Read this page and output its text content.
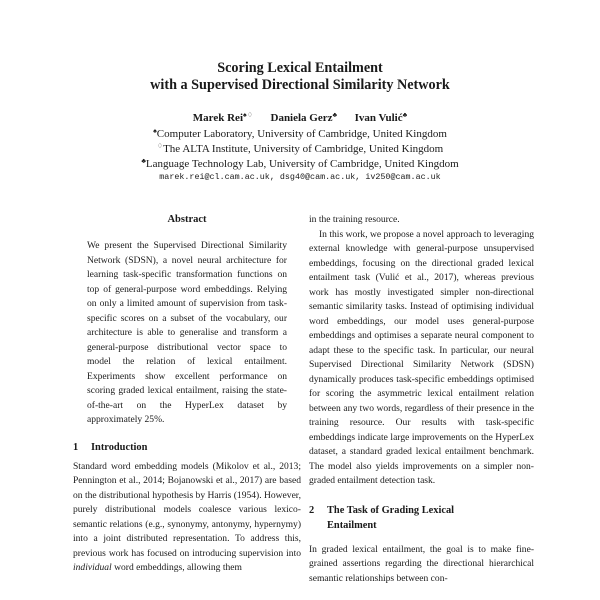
Scoring Lexical Entailment
with a Supervised Directional Similarity Network
Marek Rei♠♢ Daniela Gerz♣ Ivan Vulić♣
♠Computer Laboratory, University of Cambridge, United Kingdom
♢The ALTA Institute, University of Cambridge, United Kingdom
♣Language Technology Lab, University of Cambridge, United Kingdom
marek.rei@cl.cam.ac.uk, dsg40@cam.ac.uk, iv250@cam.ac.uk
Abstract

We present the Supervised Directional Similarity Network (SDSN), a novel neural architecture for learning task-specific transformation functions on top of general-purpose word embeddings. Relying on only a limited amount of supervision from task-specific scores on a subset of the vocabulary, our architecture is able to generalise and transform a general-purpose distributional vector space to model the relation of lexical entailment. Experiments show excellent performance on scoring graded lexical entailment, raising the state-of-the-art on the HyperLex dataset by approximately 25%.

1 Introduction

Standard word embedding models (Mikolov et al., 2013; Pennington et al., 2014; Bojanowski et al., 2017) are based on the distributional hypothesis by Harris (1954). However, purely distributional models coalesce various lexico-semantic relations (e.g., synonymy, antonymy, hypernymy) into a joint distributed representation. To address this, previous work has focused on introducing supervision into individual word embeddings, allowing them

in the training resource.

In this work, we propose a novel approach to leveraging external knowledge with general-purpose unsupervised embeddings, focusing on the directional graded lexical entailment task (Vulić et al., 2017), whereas previous work has mostly investigated simpler non-directional semantic similarity tasks. Instead of optimising individual word embeddings, our model uses general-purpose embeddings and optimises a separate neural component to adapt these to the specific task. In particular, our neural Supervised Directional Similarity Network (SDSN) dynamically produces task-specific embeddings optimised for scoring the asymmetric lexical entailment relation between any two words, regardless of their presence in the training resource. Our results with task-specific embeddings indicate large improvements on the HyperLex dataset, a standard graded lexical entailment benchmark. The model also yields improvements on a simpler non-graded entailment detection task.

2 The Task of Grading Lexical
Entailment

In graded lexical entailment, the goal is to make fine-grained assertions regarding the directional hierarchical semantic relationships between con-
